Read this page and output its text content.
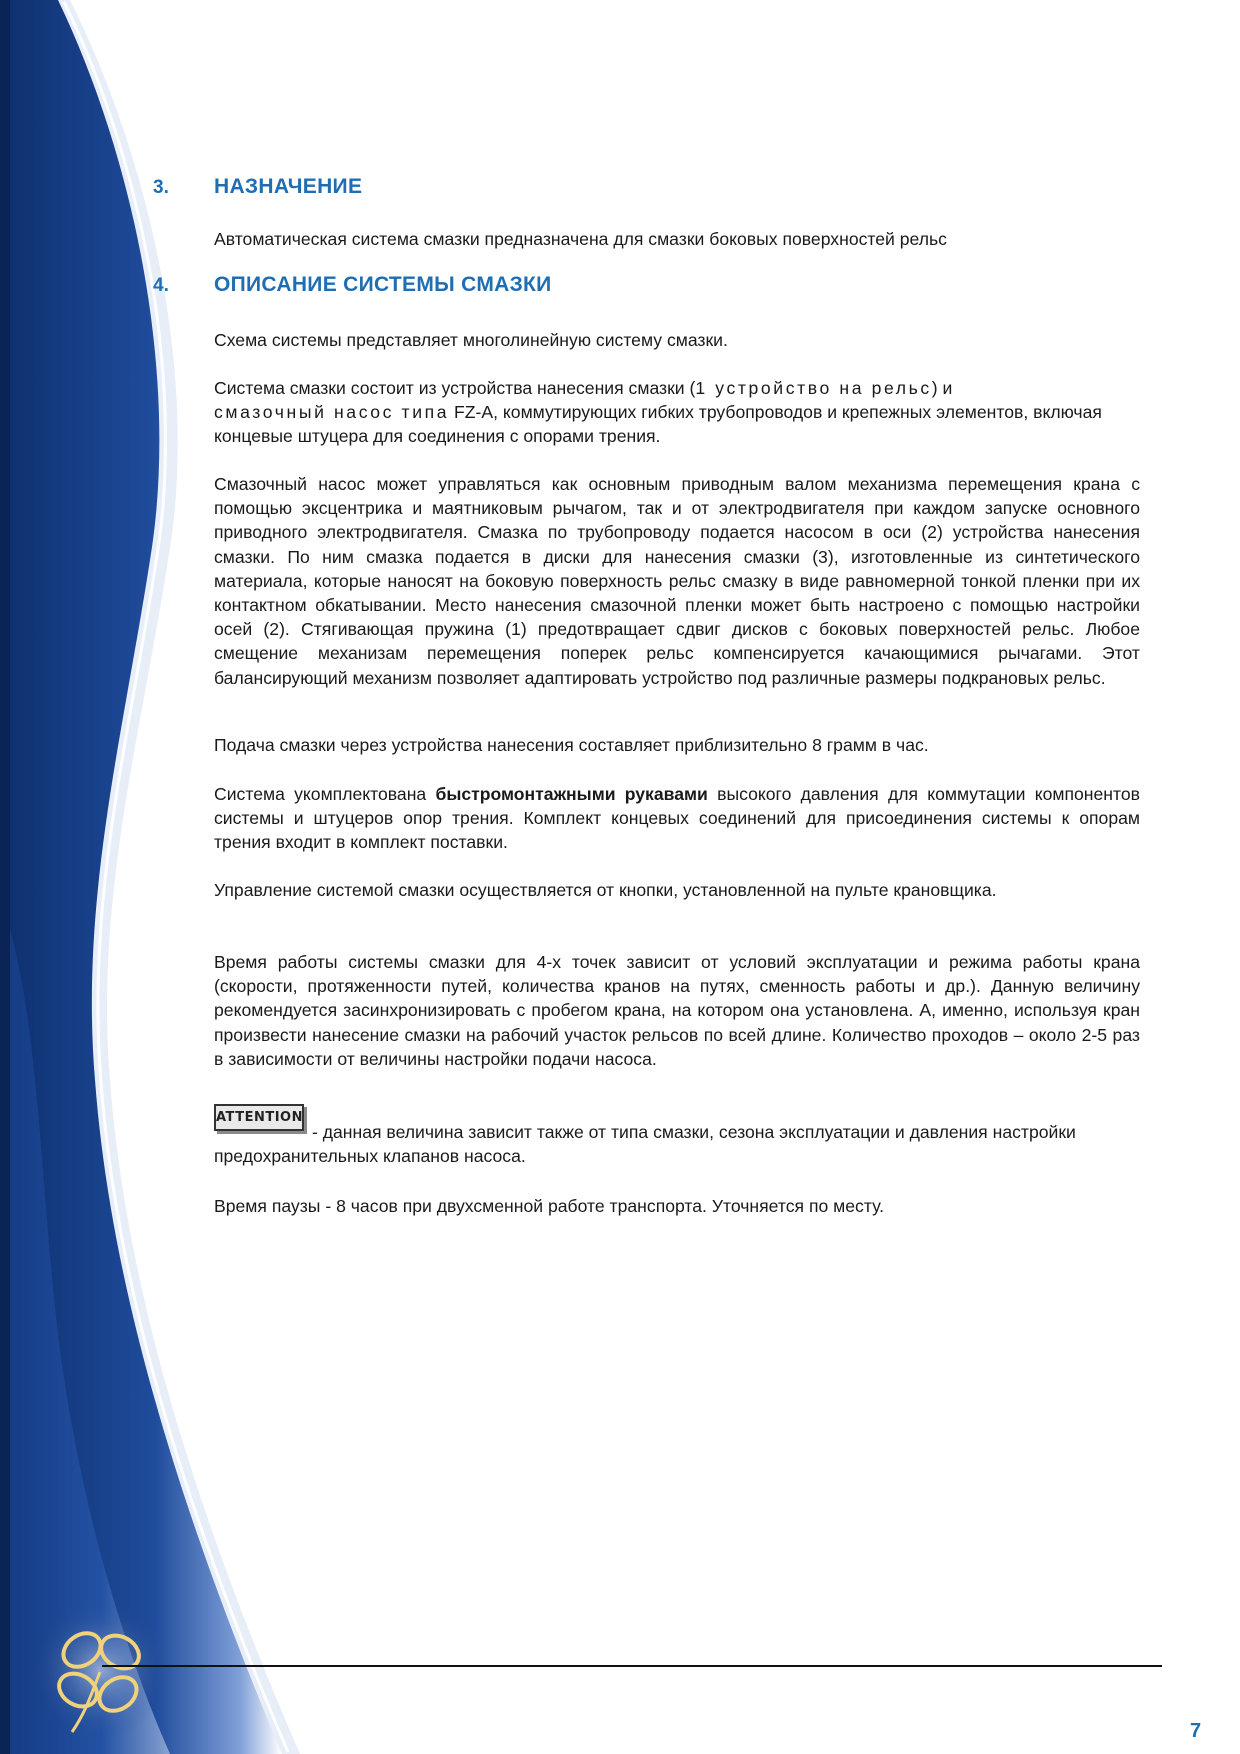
3. НАЗНАЧЕНИЕ
Автоматическая система смазки предназначена для смазки боковых поверхностей рельс
4. ОПИСАНИЕ СИСТЕМЫ СМАЗКИ
Схема системы представляет многолинейную систему смазки.
Система смазки состоит из устройства нанесения смазки (1 устройство на рельс) и
смазочный насос типа FZ-A, коммутирующих гибких трубопроводов и крепежных элементов, включая концевые штуцера для соединения с опорами трения.
Смазочный насос может управляться как основным приводным валом механизма перемещения крана с помощью эксцентрика и маятниковым рычагом, так и от электродвигателя при каждом запуске основного приводного электродвигателя. Смазка по трубопроводу подается насосом в оси (2) устройства нанесения смазки. По ним смазка подается в диски для нанесения смазки (3), изготовленные из синтетического материала, которые наносят на боковую поверхность рельс смазку в виде равномерной тонкой пленки при их контактном обкатывании. Место нанесения смазочной пленки может быть настроено с помощью настройки осей (2). Стягивающая пружина (1) предотвращает сдвиг дисков с боковых поверхностей рельс. Любое смещение механизам перемещения поперек рельс компенсируется качающимися рычагами. Этот балансирующий механизм позволяет адаптировать устройство под различные размеры подкрановых рельс.
Подача смазки через устройства нанесения составляет приблизительно 8 грамм в час.
Система укомплектована быстромонтажными рукавами высокого давления для коммутации компонентов системы и штуцеров опор трения. Комплект концевых соединений для присоединения системы к опорам трения входит в комплект поставки.
Управление системой смазки осуществляется от кнопки, установленной на пульте крановщика.
Время работы системы смазки для 4-х точек зависит от условий эксплуатации и режима работы крана (скорости, протяженности путей, количества кранов на путях, сменность работы и др.). Данную величину рекомендуется засинхронизировать с пробегом крана, на котором она установлена. А, именно, используя кран произвести нанесение смазки на рабочий участок рельсов по всей длине. Количество проходов – около 2-5 раз в зависимости от величины настройки подачи насоса.
ATTENTION
- данная величина зависит также от типа смазки, сезона эксплуатации и давления настройки предохранительных клапанов насоса.
Время паузы - 8 часов при двухсменной работе транспорта. Уточняется по месту.
7
